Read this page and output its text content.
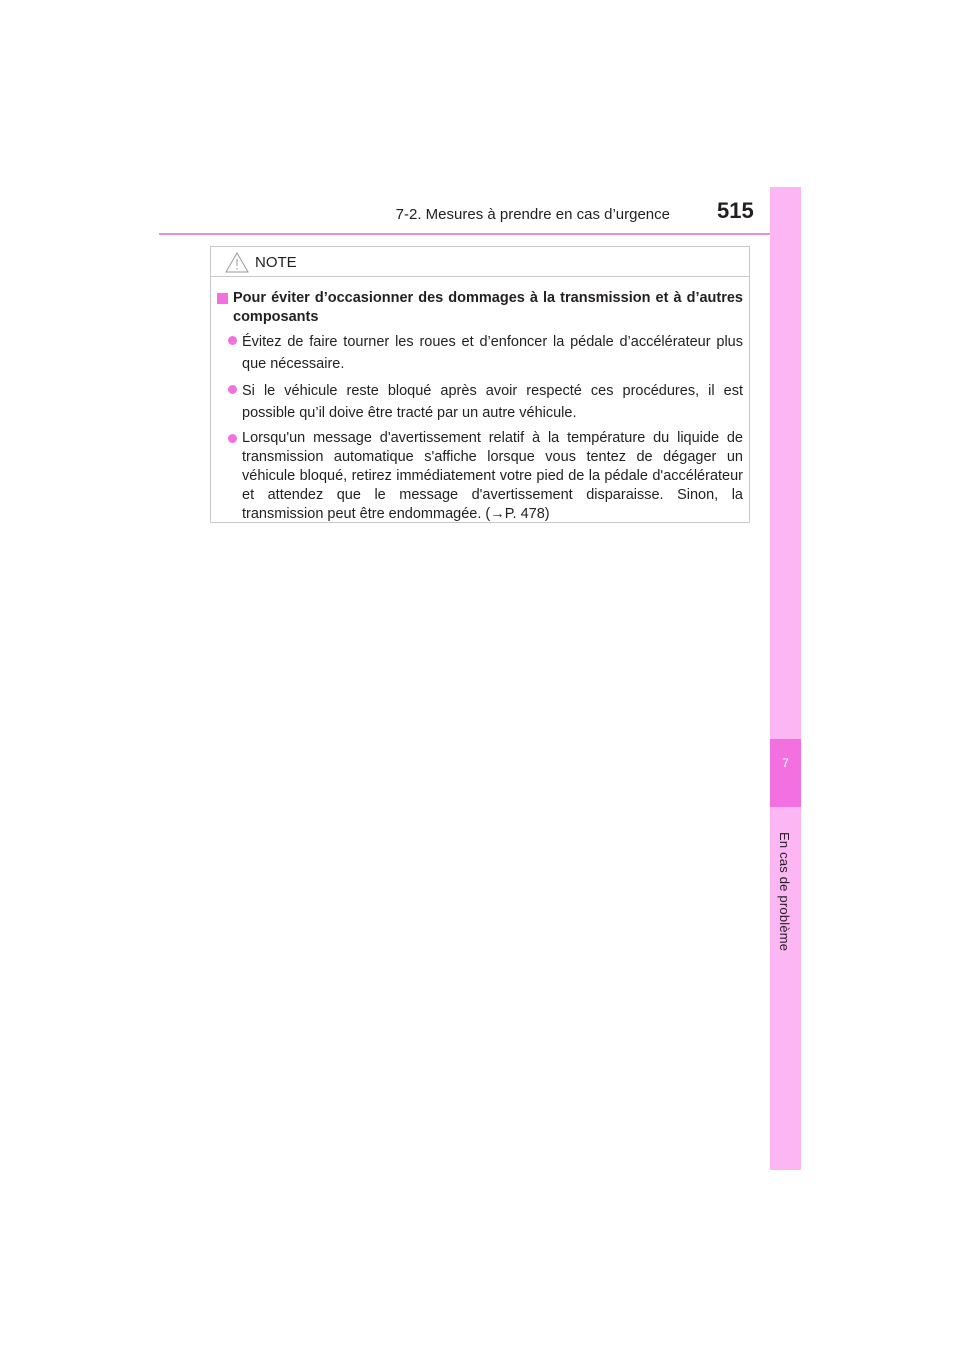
7-2. Mesures à prendre en cas d’urgence 515
7
En cas de problème
NOTE
Pour éviter d’occasionner des dommages à la transmission et à d’autres composants
Évitez de faire tourner les roues et d’enfoncer la pédale d’accélérateur plus que nécessaire.
Si le véhicule reste bloqué après avoir respecté ces procédures, il est possible qu’il doive être tracté par un autre véhicule.
Lorsqu'un message d'avertissement relatif à la température du liquide de transmission automatique s'affiche lorsque vous tentez de dégager un véhicule bloqué, retirez immédiatement votre pied de la pédale d'accélérateur et attendez que le message d'avertissement disparaisse. Sinon, la transmission peut être endommagée. (→P. 478)
